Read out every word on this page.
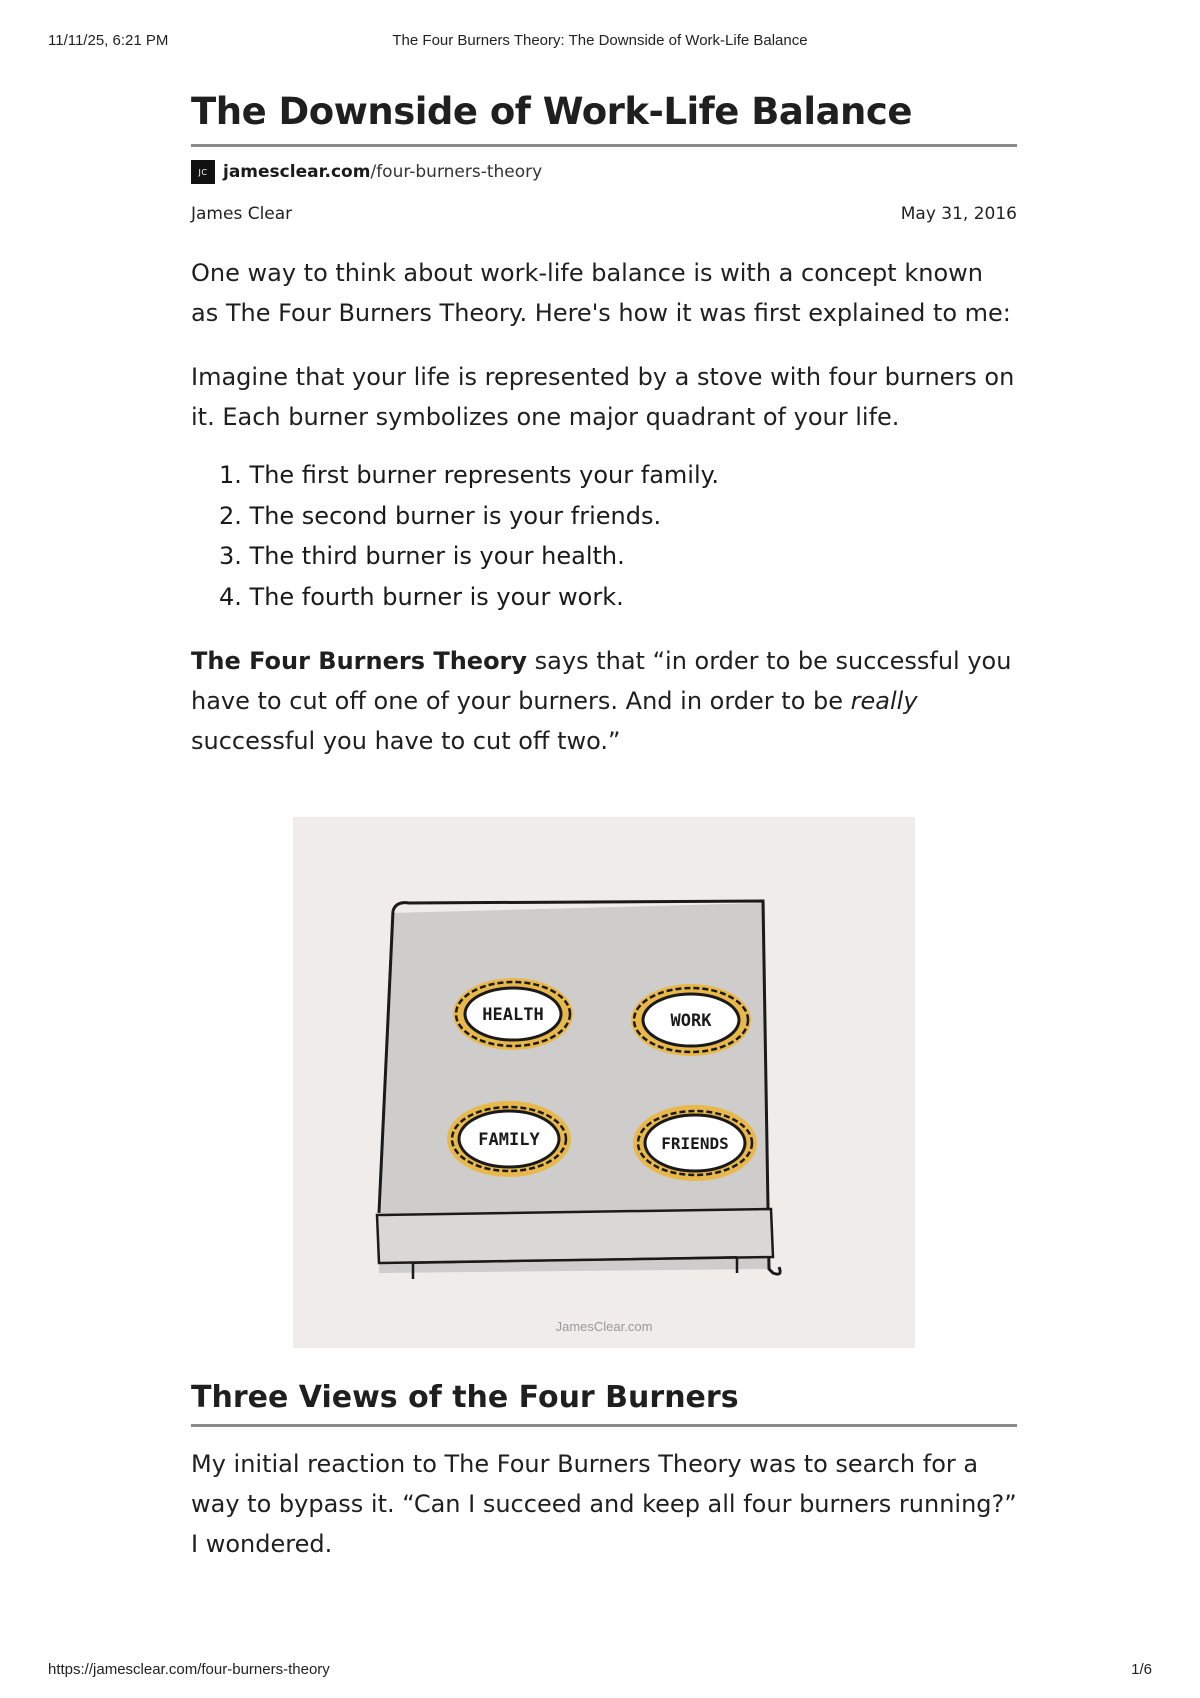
11/11/25, 6:21 PM	The Four Burners Theory: The Downside of Work-Life Balance
The Downside of Work-Life Balance
JC jamesclear.com /four-burners-theory
James Clear	May 31, 2016

One way to think about work-life balance is with a concept known as The Four Burners Theory. Here's how it was first explained to me:

Imagine that your life is represented by a stove with four burners on it. Each burner symbolizes one major quadrant of your life.

1. The first burner represents your family.
2. The second burner is your friends.
3. The third burner is your health.
4. The fourth burner is your work.

The Four Burners Theory says that “in order to be successful you have to cut off one of your burners. And in order to be really successful you have to cut off two.”

HEALTH	WORK
FAMILY	FRIENDS
JamesClear.com
Three Views of the Four Burners

My initial reaction to The Four Burners Theory was to search for a way to bypass it. “Can I succeed and keep all four burners running?” I wondered.

https://jamesclear.com/four-burners-theory	1/6
